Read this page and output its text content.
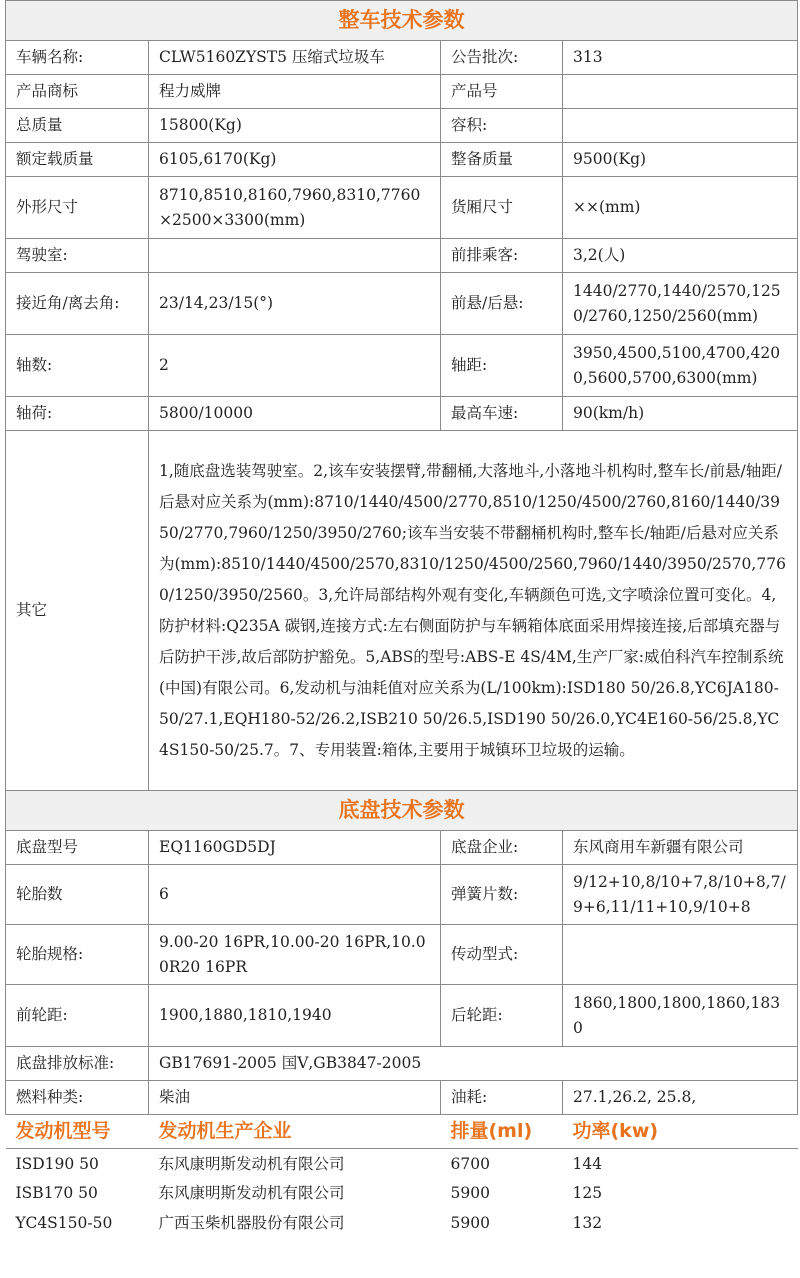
整车技术参数			
车辆名称:	CLW5160ZYST5 压缩式垃圾车	公告批次:	313
产品商标	程力威牌	产品号	
总质量	15800(Kg)	容积:	
额定载质量	6105,6170(Kg)	整备质量	9500(Kg)
外形尺寸	8710,8510,8160,7960,8310,7760×2500×3300(mm)	货厢尺寸	××(mm)
驾驶室:		前排乘客:	3,2(人)
接近角/离去角:	23/14,23/15(°)	前悬/后悬:	1440/2770,1440/2570,1250/2760,1250/2560(mm)
轴数:	2	轴距:	3950,4500,5100,4700,4200,5600,5700,6300(mm)
轴荷:	5800/10000	最高车速:	90(km/h)
其它	1,随底盘选装驾驶室。2,该车安装摆臂,带翻桶,大落地斗,小落地斗机构时,整车长/前悬/轴距/后悬对应关系为(mm):8710/1440/4500/2770,8510/1250/4500/2760,8160/1440/3950/2770,7960/1250/3950/2760;该车当安装不带翻桶机构时,整车长/轴距/后悬对应关系为(mm):8510/1440/4500/2570,8310/1250/4500/2560,7960/1440/3950/2570,7760/1250/3950/2560。3,允许局部结构外观有变化,车辆颜色可选,文字喷涂位置可变化。4,防护材料:Q235A 碳钢,连接方式:左右侧面防护与车辆箱体底面采用焊接连接,后部填充器与后防护干涉,故后部防护豁免。5,ABS的型号:ABS-E 4S/4M,生产厂家:威伯科汽车控制系统(中国)有限公司。6,发动机与油耗值对应关系为(L/100km):ISD180 50/26.8,YC6JA180-50/27.1,EQH180-52/26.2,ISB210 50/26.5,ISD190 50/26.0,YC4E160-56/25.8,YC4S150-50/25.7。7、专用装置:箱体,主要用于城镇环卫垃圾的运输。		
底盘技术参数			
底盘型号	EQ1160GD5DJ	底盘企业:	东风商用车新疆有限公司
轮胎数	6	弹簧片数:	9/12+10,8/10+7,8/10+8,7/9+6,11/11+10,9/10+8
轮胎规格:	9.00-20 16PR,10.00-20 16PR,10.00R20 16PR	传动型式:	
前轮距:	1900,1880,1810,1940	后轮距:	1860,1800,1800,1860,1830
底盘排放标准:	GB17691-2005 国Ⅴ,GB3847-2005		
燃料种类:	柴油	油耗:	27.1,26.2, 25.8,
发动机型号	发动机生产企业	排量(ml)	功率(kw)
ISD190 50	东风康明斯发动机有限公司	6700	144
ISB170 50	东风康明斯发动机有限公司	5900	125
YC4S150-50	广西玉柴机器股份有限公司	5900	132
